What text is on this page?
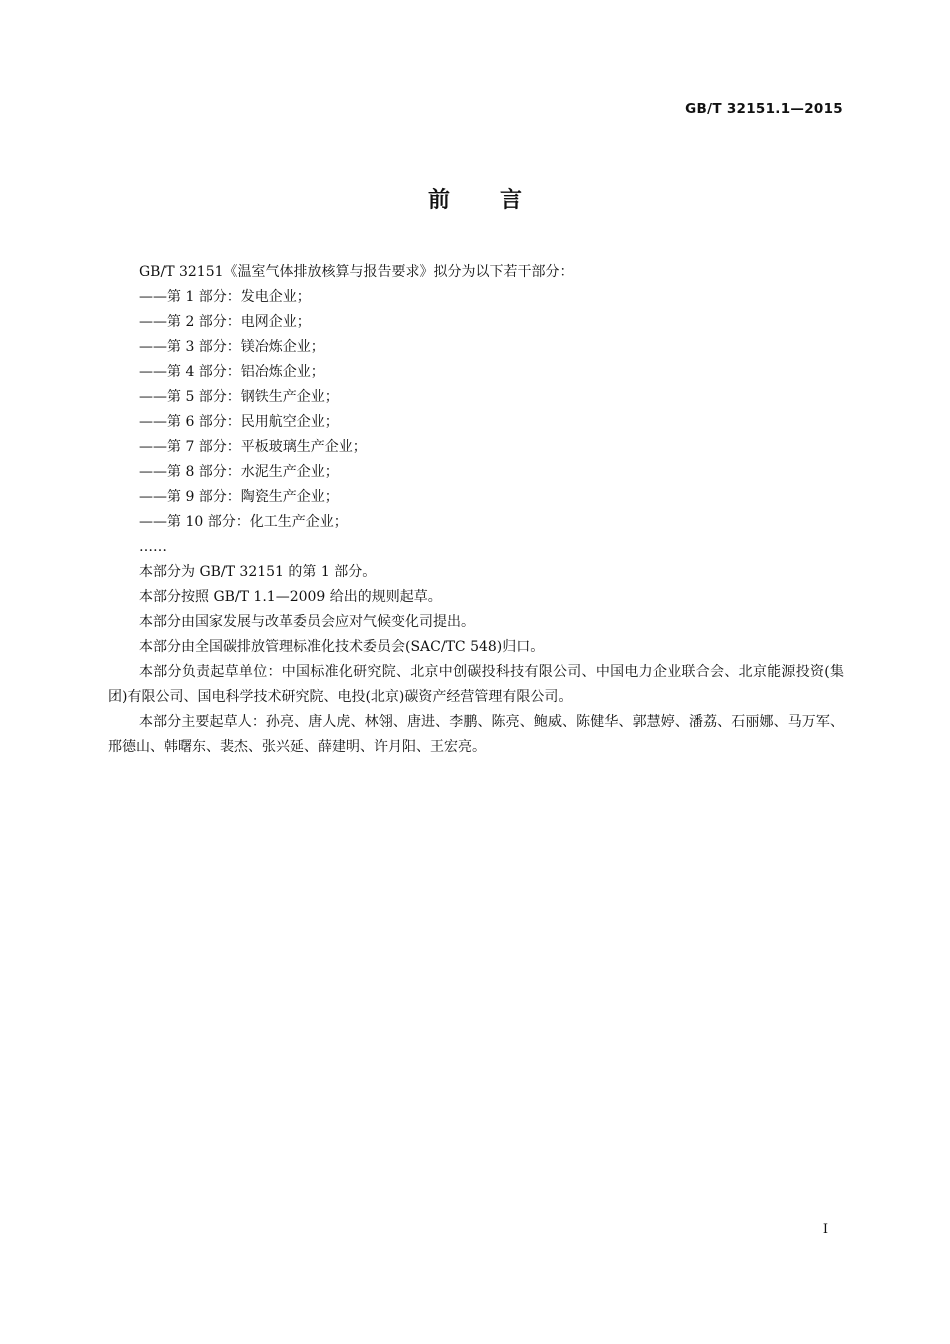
GB/T 32151.1—2015
前言

GB/T 32151《温室气体排放核算与报告要求》拟分为以下若干部分：

——第 1 部分：发电企业；

——第 2 部分：电网企业；

——第 3 部分：镁冶炼企业；

——第 4 部分：铝冶炼企业；

——第 5 部分：钢铁生产企业；

——第 6 部分：民用航空企业；

——第 7 部分：平板玻璃生产企业；

——第 8 部分：水泥生产企业；

——第 9 部分：陶瓷生产企业；

——第 10 部分：化工生产企业；

……

本部分为 GB/T 32151 的第 1 部分。

本部分按照 GB/T 1.1—2009 给出的规则起草。

本部分由国家发展与改革委员会应对气候变化司提出。

本部分由全国碳排放管理标准化技术委员会(SAC/TC 548)归口。

本部分负责起草单位：中国标准化研究院、北京中创碳投科技有限公司、中国电力企业联合会、北京能源投资(集团)有限公司、国电科学技术研究院、电投(北京)碳资产经营管理有限公司。

本部分主要起草人：孙亮、唐人虎、林翎、唐进、李鹏、陈亮、鲍威、陈健华、郭慧婷、潘荔、石丽娜、马万军、邢德山、韩曙东、裴杰、张兴延、薛建明、许月阳、王宏亮。

I
